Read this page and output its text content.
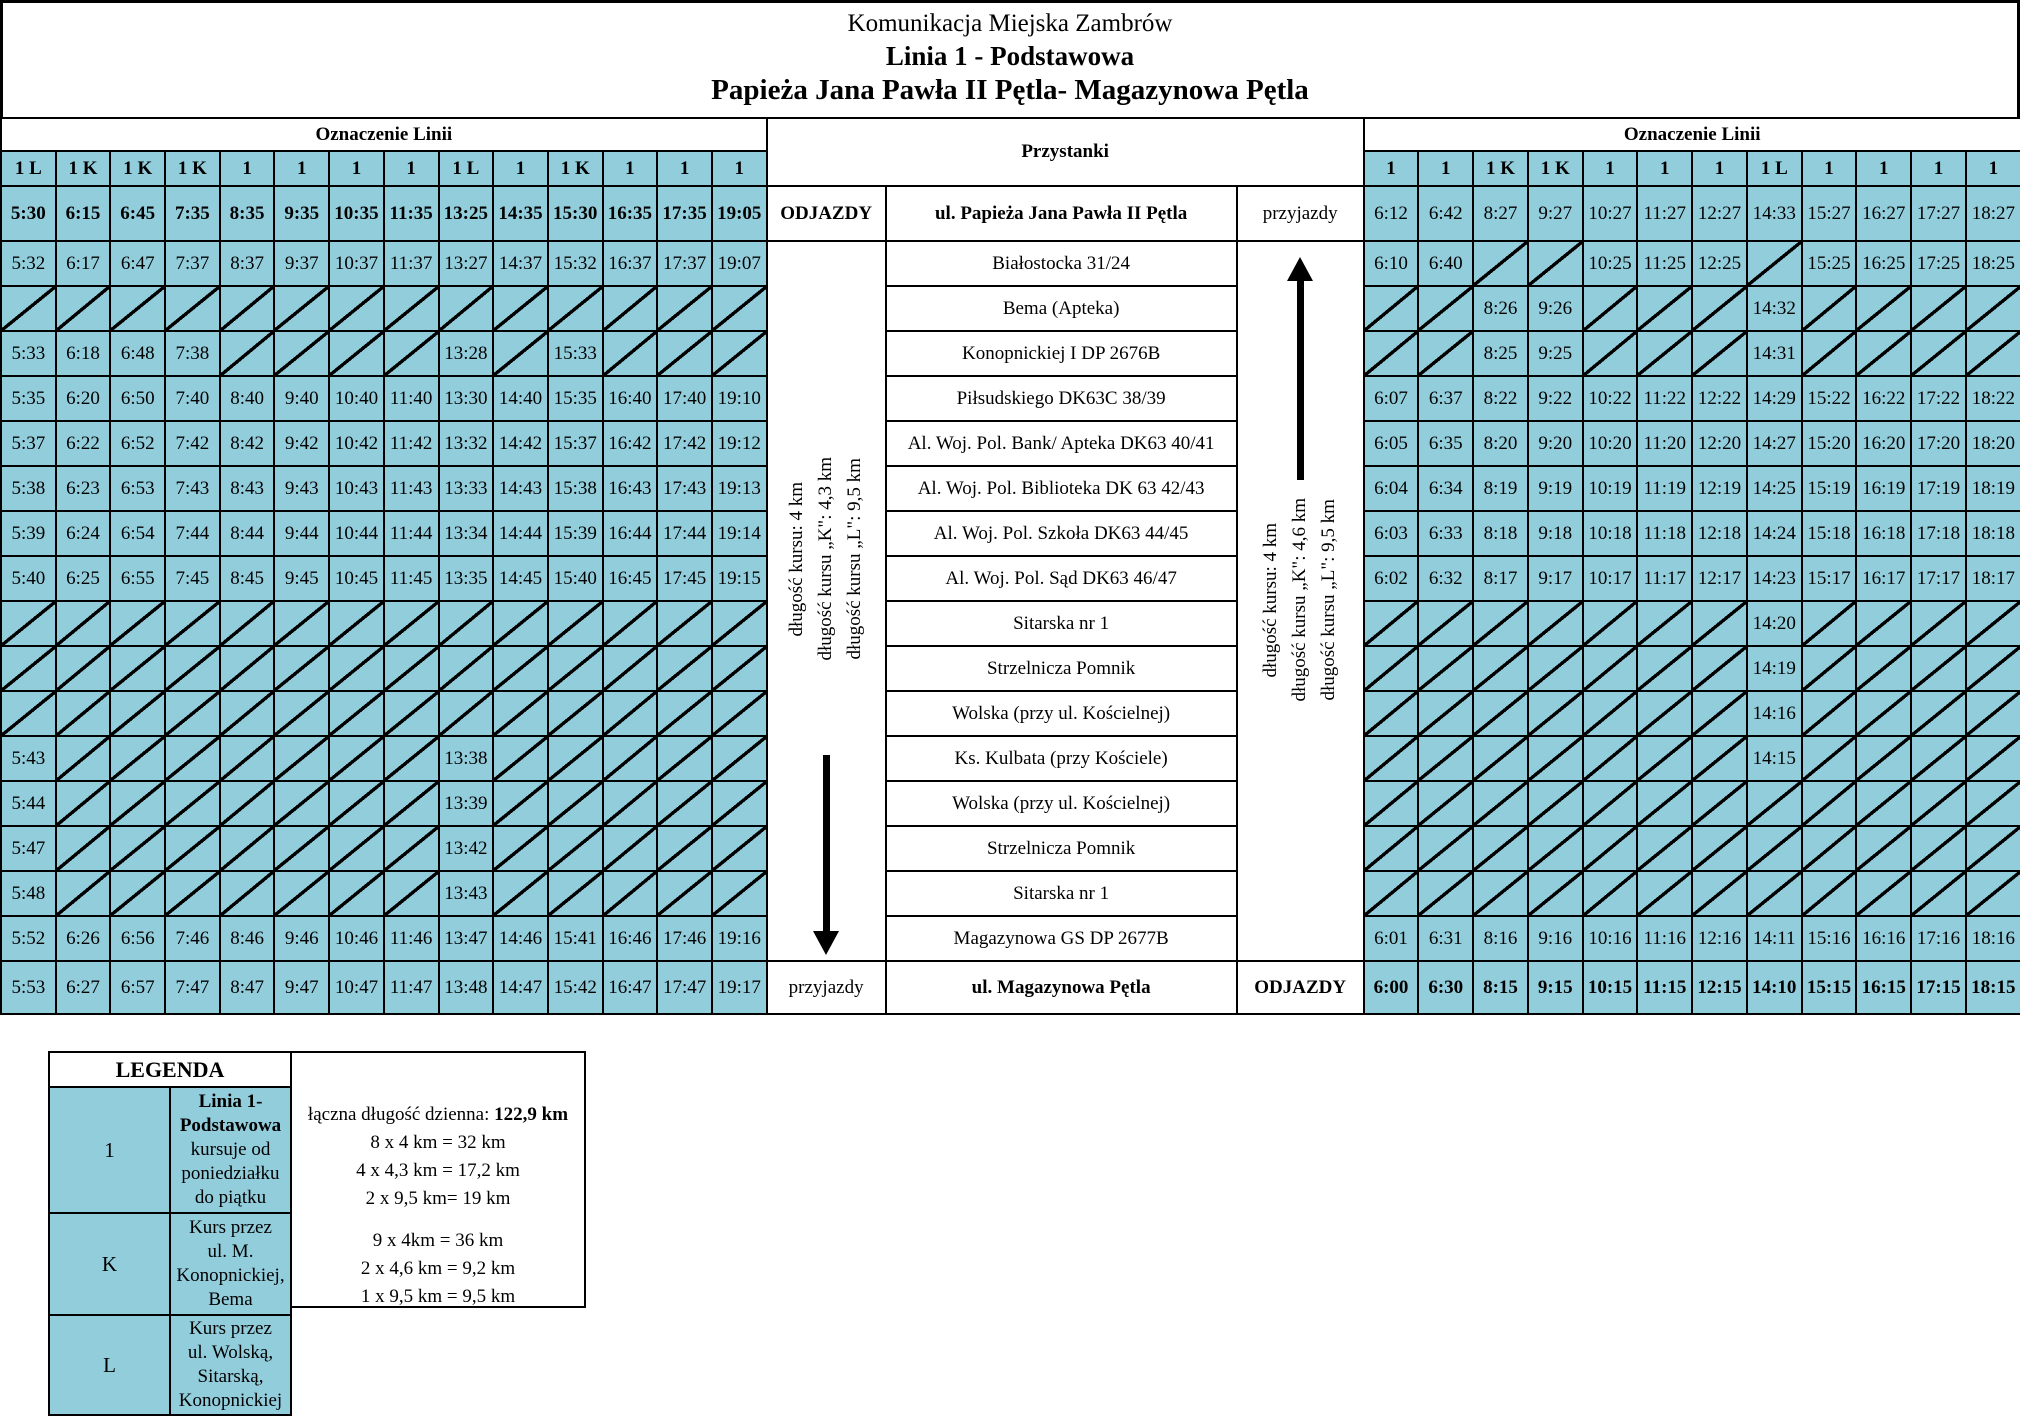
Komunikacja Miejska Zambrów
Linia 1 - Podstawowa
Papieża Jana Pawła II Pętla- Magazynowa Pętla
Oznaczenie Linii														Przystanki			Oznaczenie Linii											
1 L	1 K	1 K	1 K	1	1	1	1	1 L	1	1 K	1	1	1				1	1	1 K	1 K	1	1	1	1 L	1	1	1	1
5:30	6:15	6:45	7:35	8:35	9:35	10:35	11:35	13:25	14:35	15:30	16:35	17:35	19:05	ODJAZDY	ul. Papieża Jana Pawła II Pętla	przyjazdy	6:12	6:42	8:27	9:27	10:27	11:27	12:27	14:33	15:27	16:27	17:27	18:27
5:32	6:17	6:47	7:37	8:37	9:37	10:37	11:37	13:27	14:37	15:32	16:37	17:37	19:07	długość kursu: 4 km długość kursu „K": 4,3 km długość kursu „L": 9,5 km	Białostocka 31/24	długość kursu: 4 km długość kursu „K": 4,6 km długość kursu „L": 9,5 km	6:10	6:40			10:25	11:25	12:25		15:25	16:25	17:25	18:25
															Bema (Apteka)				8:26	9:26				14:32				
5:33	6:18	6:48	7:38					13:28		15:33					Konopnickiej I DP 2676B				8:25	9:25				14:31				
5:35	6:20	6:50	7:40	8:40	9:40	10:40	11:40	13:30	14:40	15:35	16:40	17:40	19:10		Piłsudskiego DK63C 38/39		6:07	6:37	8:22	9:22	10:22	11:22	12:22	14:29	15:22	16:22	17:22	18:22
5:37	6:22	6:52	7:42	8:42	9:42	10:42	11:42	13:32	14:42	15:37	16:42	17:42	19:12		Al. Woj. Pol. Bank/ Apteka DK63 40/41		6:05	6:35	8:20	9:20	10:20	11:20	12:20	14:27	15:20	16:20	17:20	18:20
5:38	6:23	6:53	7:43	8:43	9:43	10:43	11:43	13:33	14:43	15:38	16:43	17:43	19:13		Al. Woj. Pol. Biblioteka DK 63 42/43		6:04	6:34	8:19	9:19	10:19	11:19	12:19	14:25	15:19	16:19	17:19	18:19
5:39	6:24	6:54	7:44	8:44	9:44	10:44	11:44	13:34	14:44	15:39	16:44	17:44	19:14		Al. Woj. Pol. Szkoła DK63 44/45		6:03	6:33	8:18	9:18	10:18	11:18	12:18	14:24	15:18	16:18	17:18	18:18
5:40	6:25	6:55	7:45	8:45	9:45	10:45	11:45	13:35	14:45	15:40	16:45	17:45	19:15		Al. Woj. Pol. Sąd DK63 46/47		6:02	6:32	8:17	9:17	10:17	11:17	12:17	14:23	15:17	16:17	17:17	18:17
															Sitarska nr 1									14:20				
															Strzelnicza Pomnik									14:19				
															Wolska (przy ul. Kościelnej)									14:16				
5:43								13:38							Ks. Kulbata (przy Kościele)									14:15				
5:44								13:39							Wolska (przy ul. Kościelnej)													
5:47								13:42							Strzelnicza Pomnik													
5:48								13:43							Sitarska nr 1													
5:52	6:26	6:56	7:46	8:46	9:46	10:46	11:46	13:47	14:46	15:41	16:46	17:46	19:16		Magazynowa GS DP 2677B		6:01	6:31	8:16	9:16	10:16	11:16	12:16	14:11	15:16	16:16	17:16	18:16
5:53	6:27	6:57	7:47	8:47	9:47	10:47	11:47	13:48	14:47	15:42	16:47	17:47	19:17	przyjazdy	ul. Magazynowa Pętla	ODJAZDY	6:00	6:30	8:15	9:15	10:15	11:15	12:15	14:10	15:15	16:15	17:15	18:15
LEGENDA	
1	Linia 1-
Podstawowa
kursuje od
poniedziałku do piątku

K	Kurs przez
ul. M. Konopnickiej,
Bema

L	Kurs przez
ul. Wolską, Sitarską,
Konopnickiej
łączna długość dzienna: 122,9 km
8 x 4 km = 32 km
4 x 4,3 km = 17,2 km
2 x 9,5 km= 19 km
9 x 4km = 36 km
2 x 4,6 km = 9,2 km
1 x 9,5 km = 9,5 km
